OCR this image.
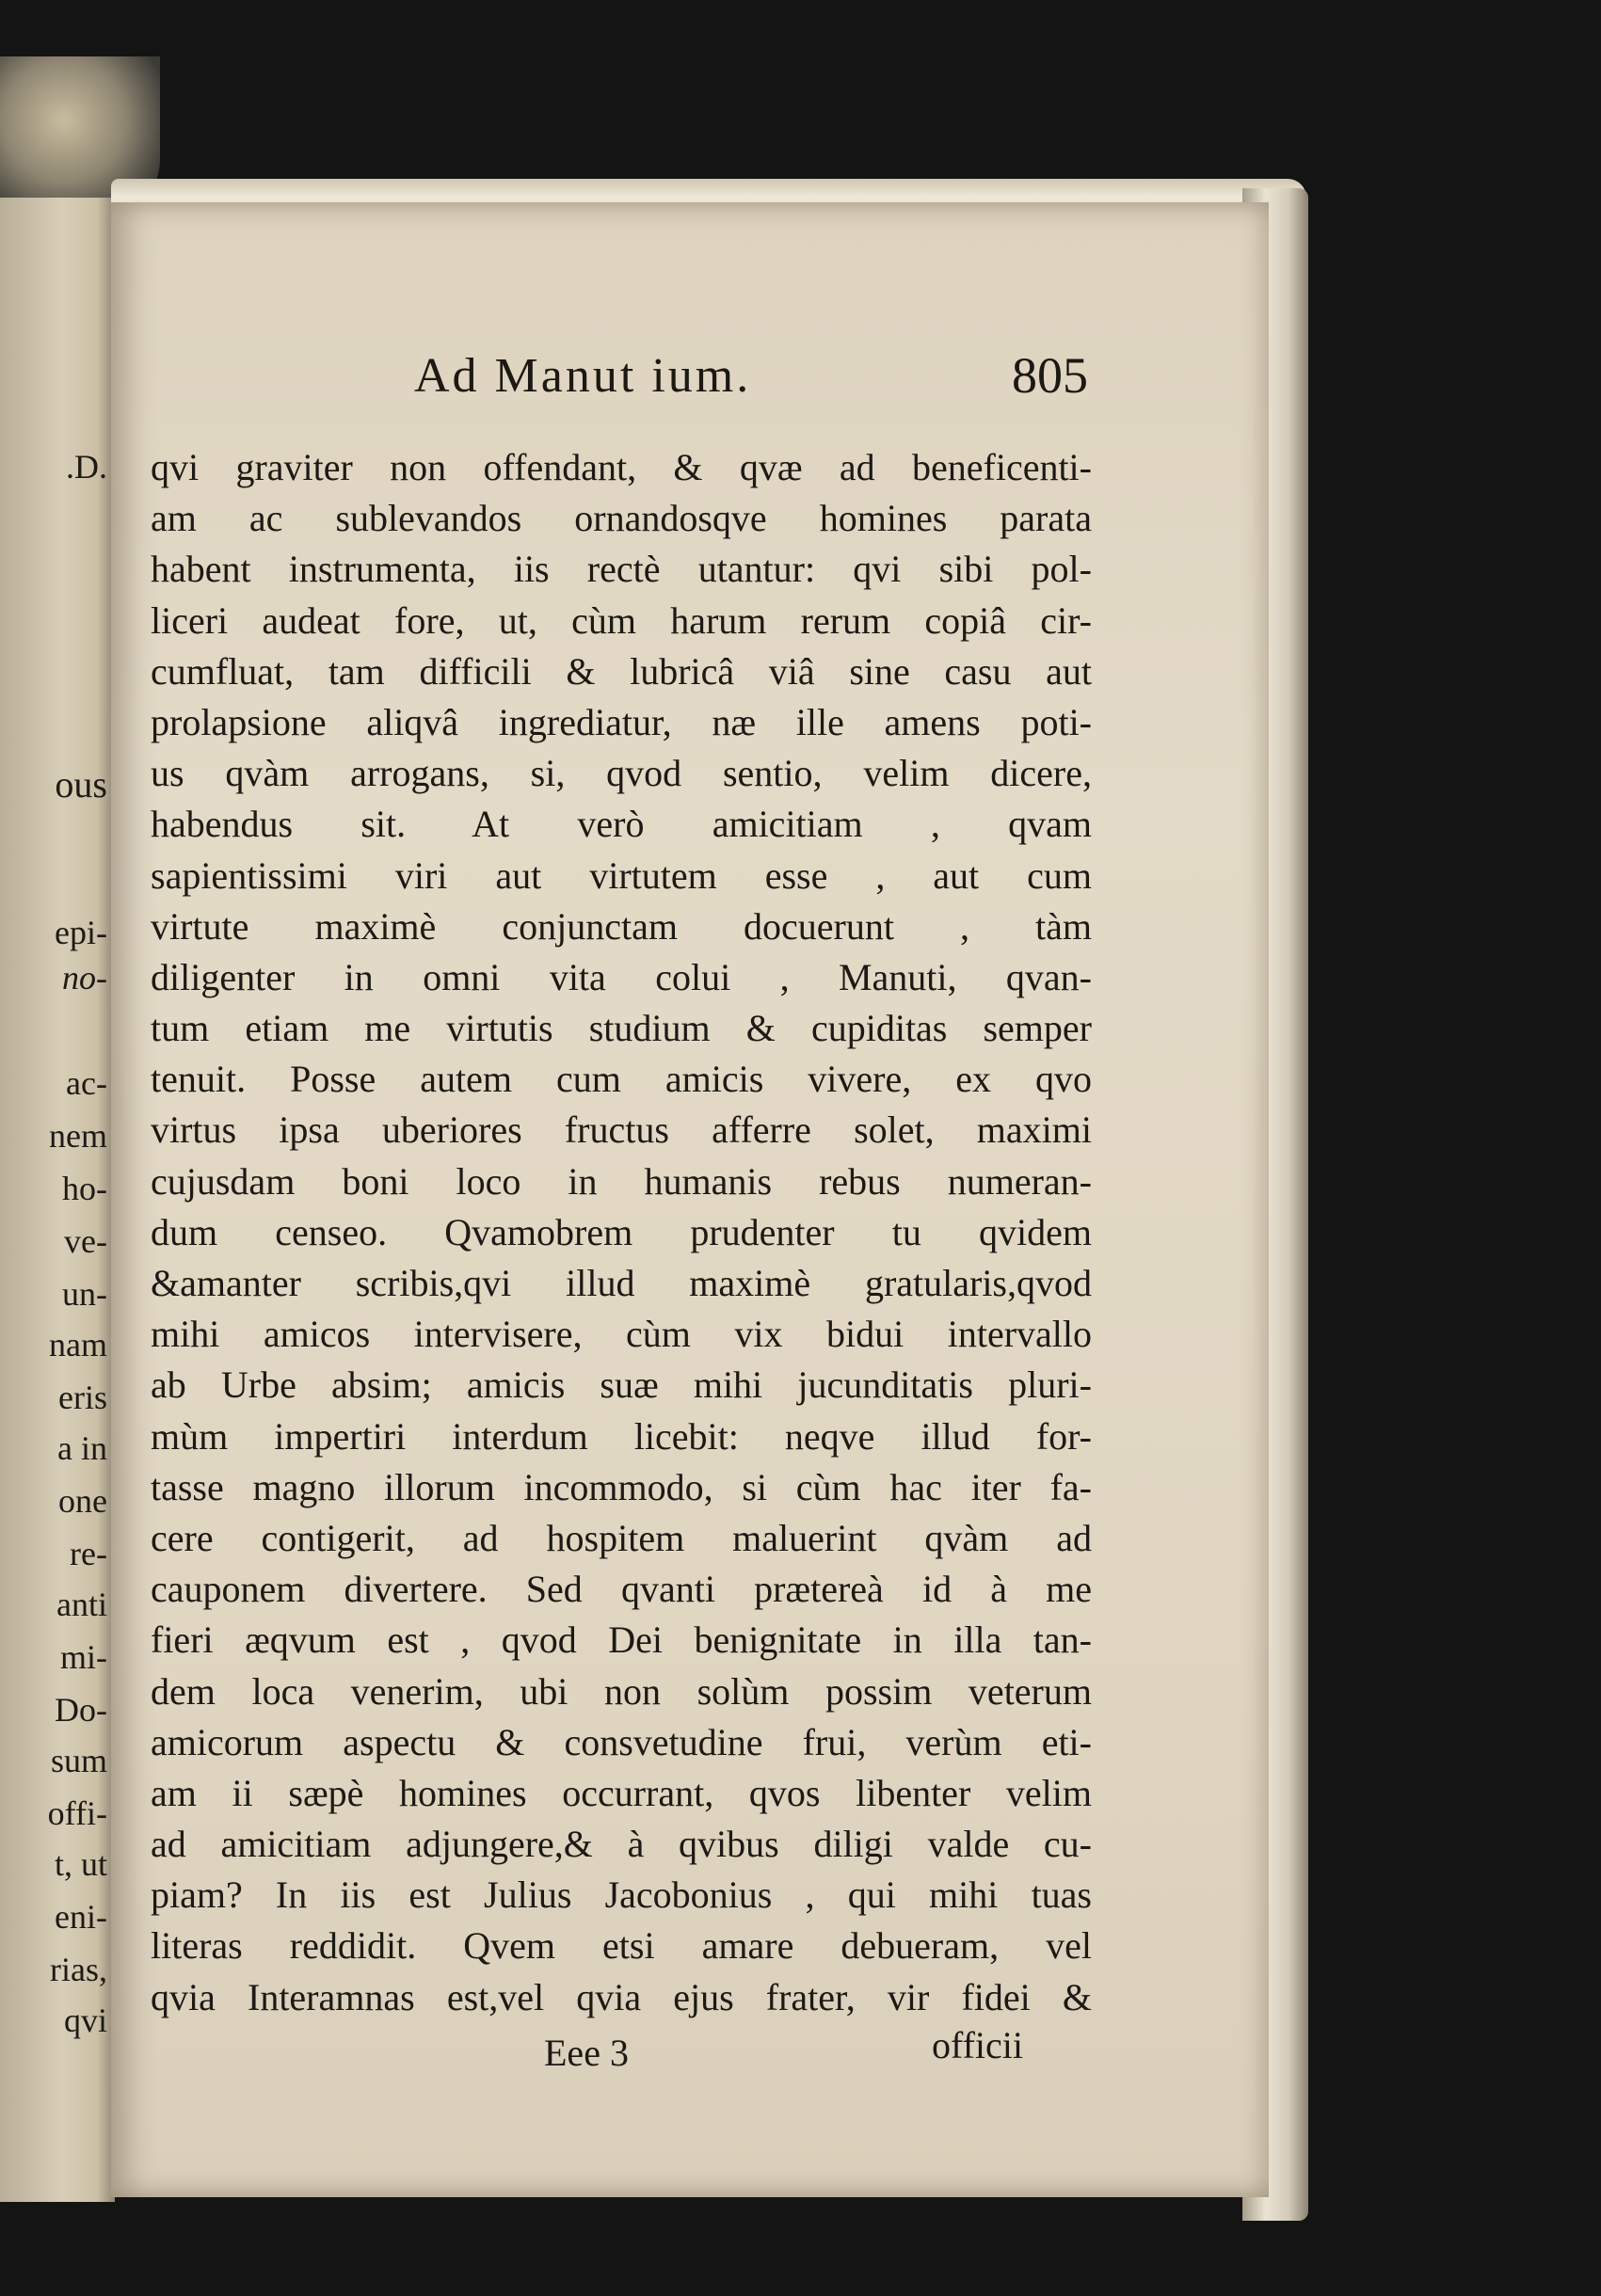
.D.
ous
epi-
no-
ac-
nem
ho-
ve-
un-
nam
eris
a in
one
re-
anti
mi-
Do-
sum
offi-
t, ut
eni-
rias,
qvi
Ad Manut ium.	805
qvi graviter non offendant, & qvæ ad beneficenti-
am ac sublevandos ornandosqve homines parata
habent instrumenta, iis rectè utantur: qvi sibi pol-
liceri audeat fore, ut, cùm harum rerum copiâ cir-
cumfluat, tam difficili & lubricâ viâ sine casu aut
prolapsione aliqvâ ingrediatur, næ ille amens poti-
us qvàm arrogans, si, qvod sentio, velim dicere,
habendus sit. At verò amicitiam , qvam
sapientissimi viri aut virtutem esse , aut cum
virtute maximè conjunctam docuerunt , tàm
diligenter in omni vita colui , Manuti, qvan-
tum etiam me virtutis studium & cupiditas semper
tenuit. Posse autem cum amicis vivere, ex qvo
virtus ipsa uberiores fructus afferre solet, maximi
cujusdam boni loco in humanis rebus numeran-
dum censeo. Qvamobrem prudenter tu qvidem
&amanter scribis,qvi illud maximè gratularis,qvod
mihi amicos intervisere, cùm vix bidui intervallo
ab Urbe absim; amicis suæ mihi jucunditatis pluri-
mùm impertiri interdum licebit: neqve illud for-
tasse magno illorum incommodo, si cùm hac iter fa-
cere contigerit, ad hospitem maluerint qvàm ad
cauponem divertere. Sed qvanti prætereà id à me
fieri æqvum est , qvod Dei benignitate in illa tan-
dem loca venerim, ubi non solùm possim veterum
amicorum aspectu & consvetudine frui, verùm eti-
am ii sæpè homines occurrant, qvos libenter velim
ad amicitiam adjungere,& à qvibus diligi valde cu-
piam? In iis est Julius Jacobonius , qui mihi tuas
literas reddidit. Qvem etsi amare debueram, vel
qvia Interamnas est,vel qvia ejus frater, vir fidei &
Eee 3	officii
